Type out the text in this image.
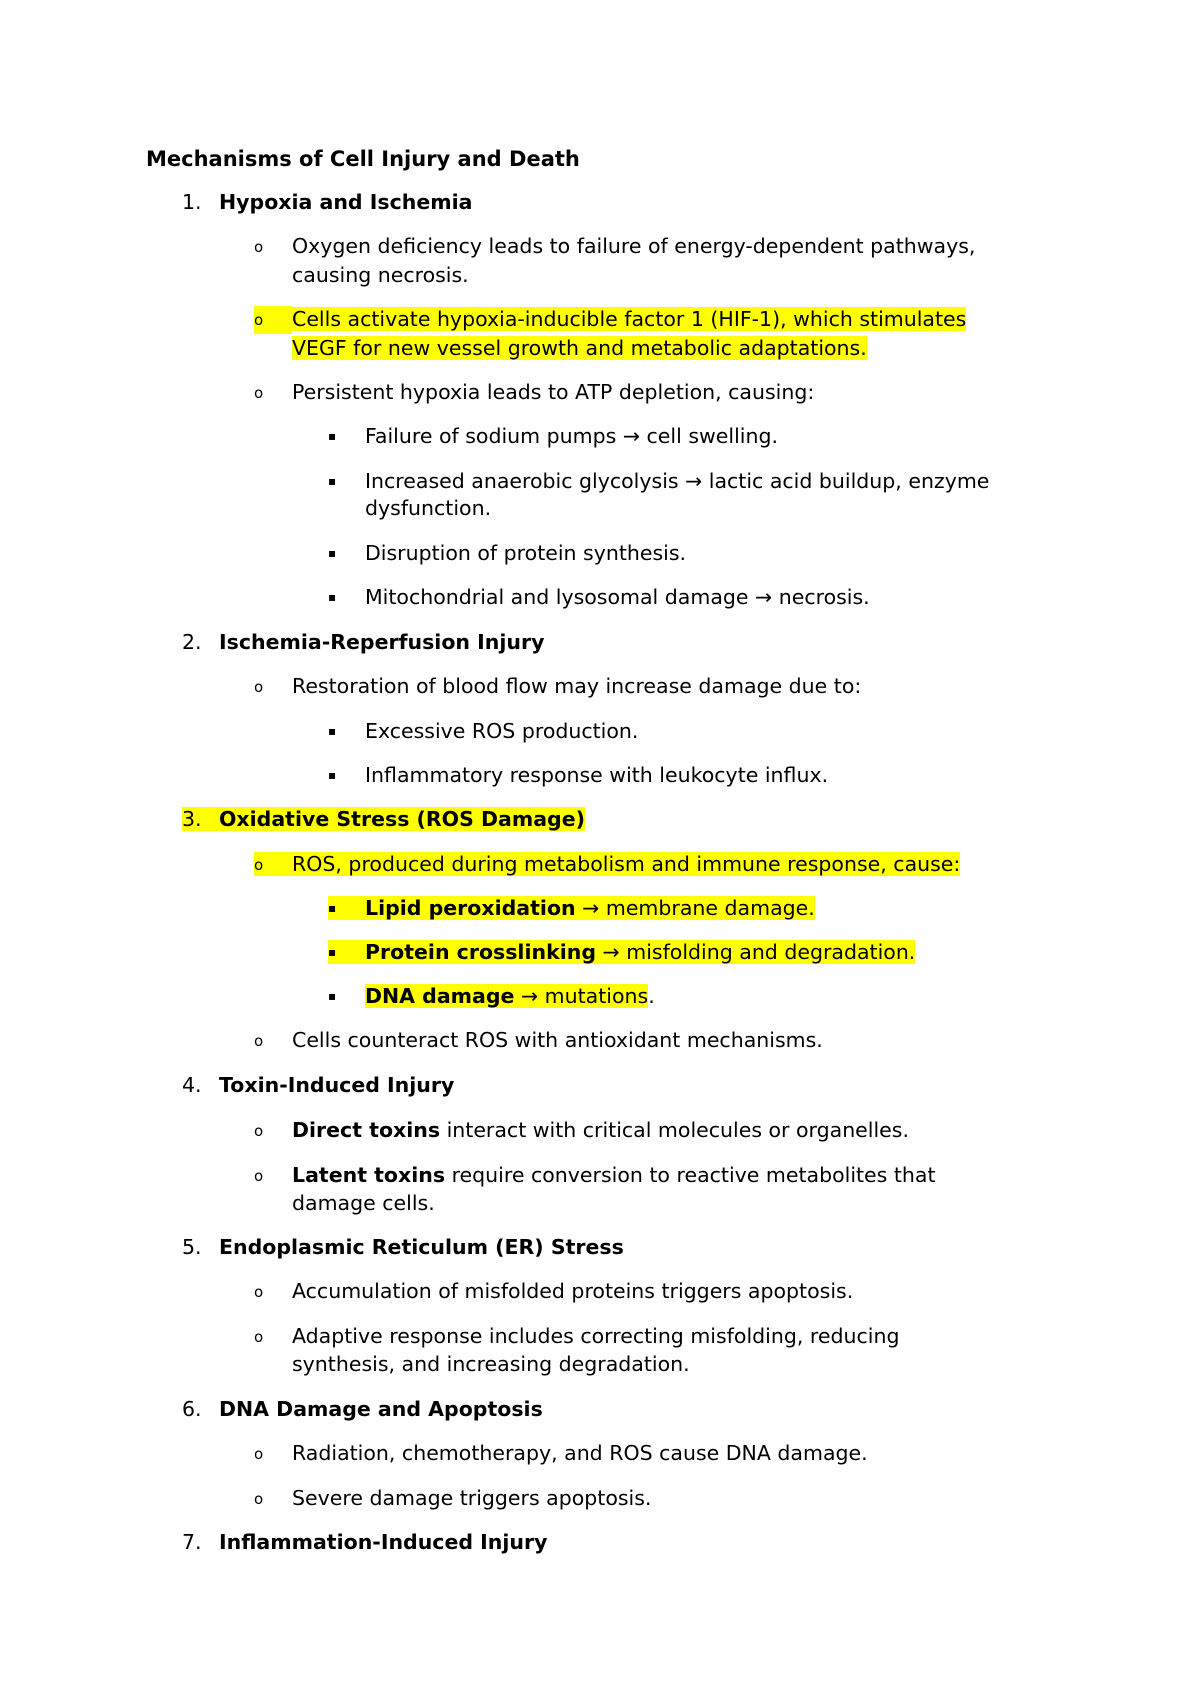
Mechanisms of Cell Injury and Death
1. Hypoxia and Ischemia
o Oxygen deficiency leads to failure of energy-dependent pathways,
causing necrosis.
o Cells activate hypoxia-inducible factor 1 (HIF-1), which stimulates
VEGF for new vessel growth and metabolic adaptations.
o Persistent hypoxia leads to ATP depletion, causing:
▪ Failure of sodium pumps → cell swelling.
▪ Increased anaerobic glycolysis → lactic acid buildup, enzyme
dysfunction.
▪ Disruption of protein synthesis.
▪ Mitochondrial and lysosomal damage → necrosis.
2. Ischemia-Reperfusion Injury
o Restoration of blood flow may increase damage due to:
▪ Excessive ROS production.
▪ Inflammatory response with leukocyte influx.
3. Oxidative Stress (ROS Damage)
o ROS, produced during metabolism and immune response, cause:
▪ Lipid peroxidation → membrane damage.
▪ Protein crosslinking → misfolding and degradation.
▪ DNA damage → mutations.
o Cells counteract ROS with antioxidant mechanisms.
4. Toxin-Induced Injury
o Direct toxins interact with critical molecules or organelles.
o Latent toxins require conversion to reactive metabolites that
damage cells.
5. Endoplasmic Reticulum (ER) Stress
o Accumulation of misfolded proteins triggers apoptosis.
o Adaptive response includes correcting misfolding, reducing
synthesis, and increasing degradation.
6. DNA Damage and Apoptosis
o Radiation, chemotherapy, and ROS cause DNA damage.
o Severe damage triggers apoptosis.
7. Inflammation-Induced Injury
